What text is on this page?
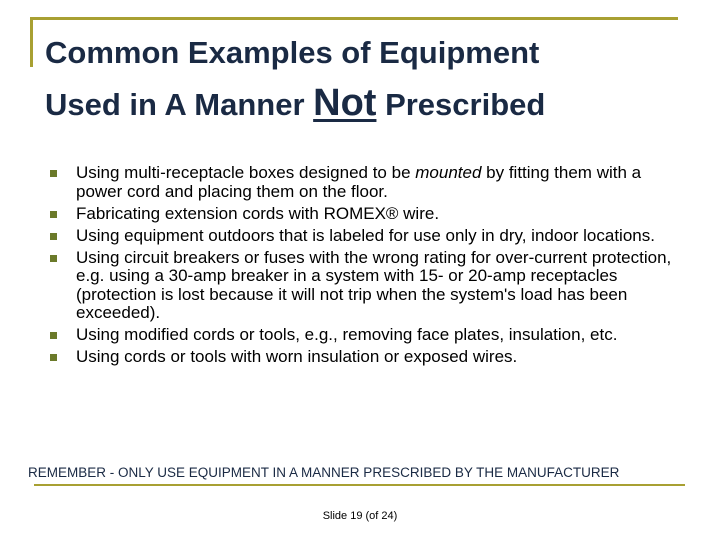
Common Examples of Equipment
Used in A Manner Not Prescribed
Using multi-receptacle boxes designed to be mounted by fitting them with a power cord and placing them on the floor.
Fabricating extension cords with ROMEX® wire.
Using equipment outdoors that is labeled for use only in dry, indoor locations.
Using circuit breakers or fuses with the wrong rating for over-current protection, e.g. using a 30-amp breaker in a system with 15- or 20-amp receptacles (protection is lost because it will not trip when the system's load has been exceeded).
Using modified cords or tools, e.g., removing face plates, insulation, etc.
Using cords or tools with worn insulation or exposed wires.
REMEMBER - ONLY USE EQUIPMENT IN A MANNER PRESCRIBED BY THE MANUFACTURER
Slide 19 (of 24)
